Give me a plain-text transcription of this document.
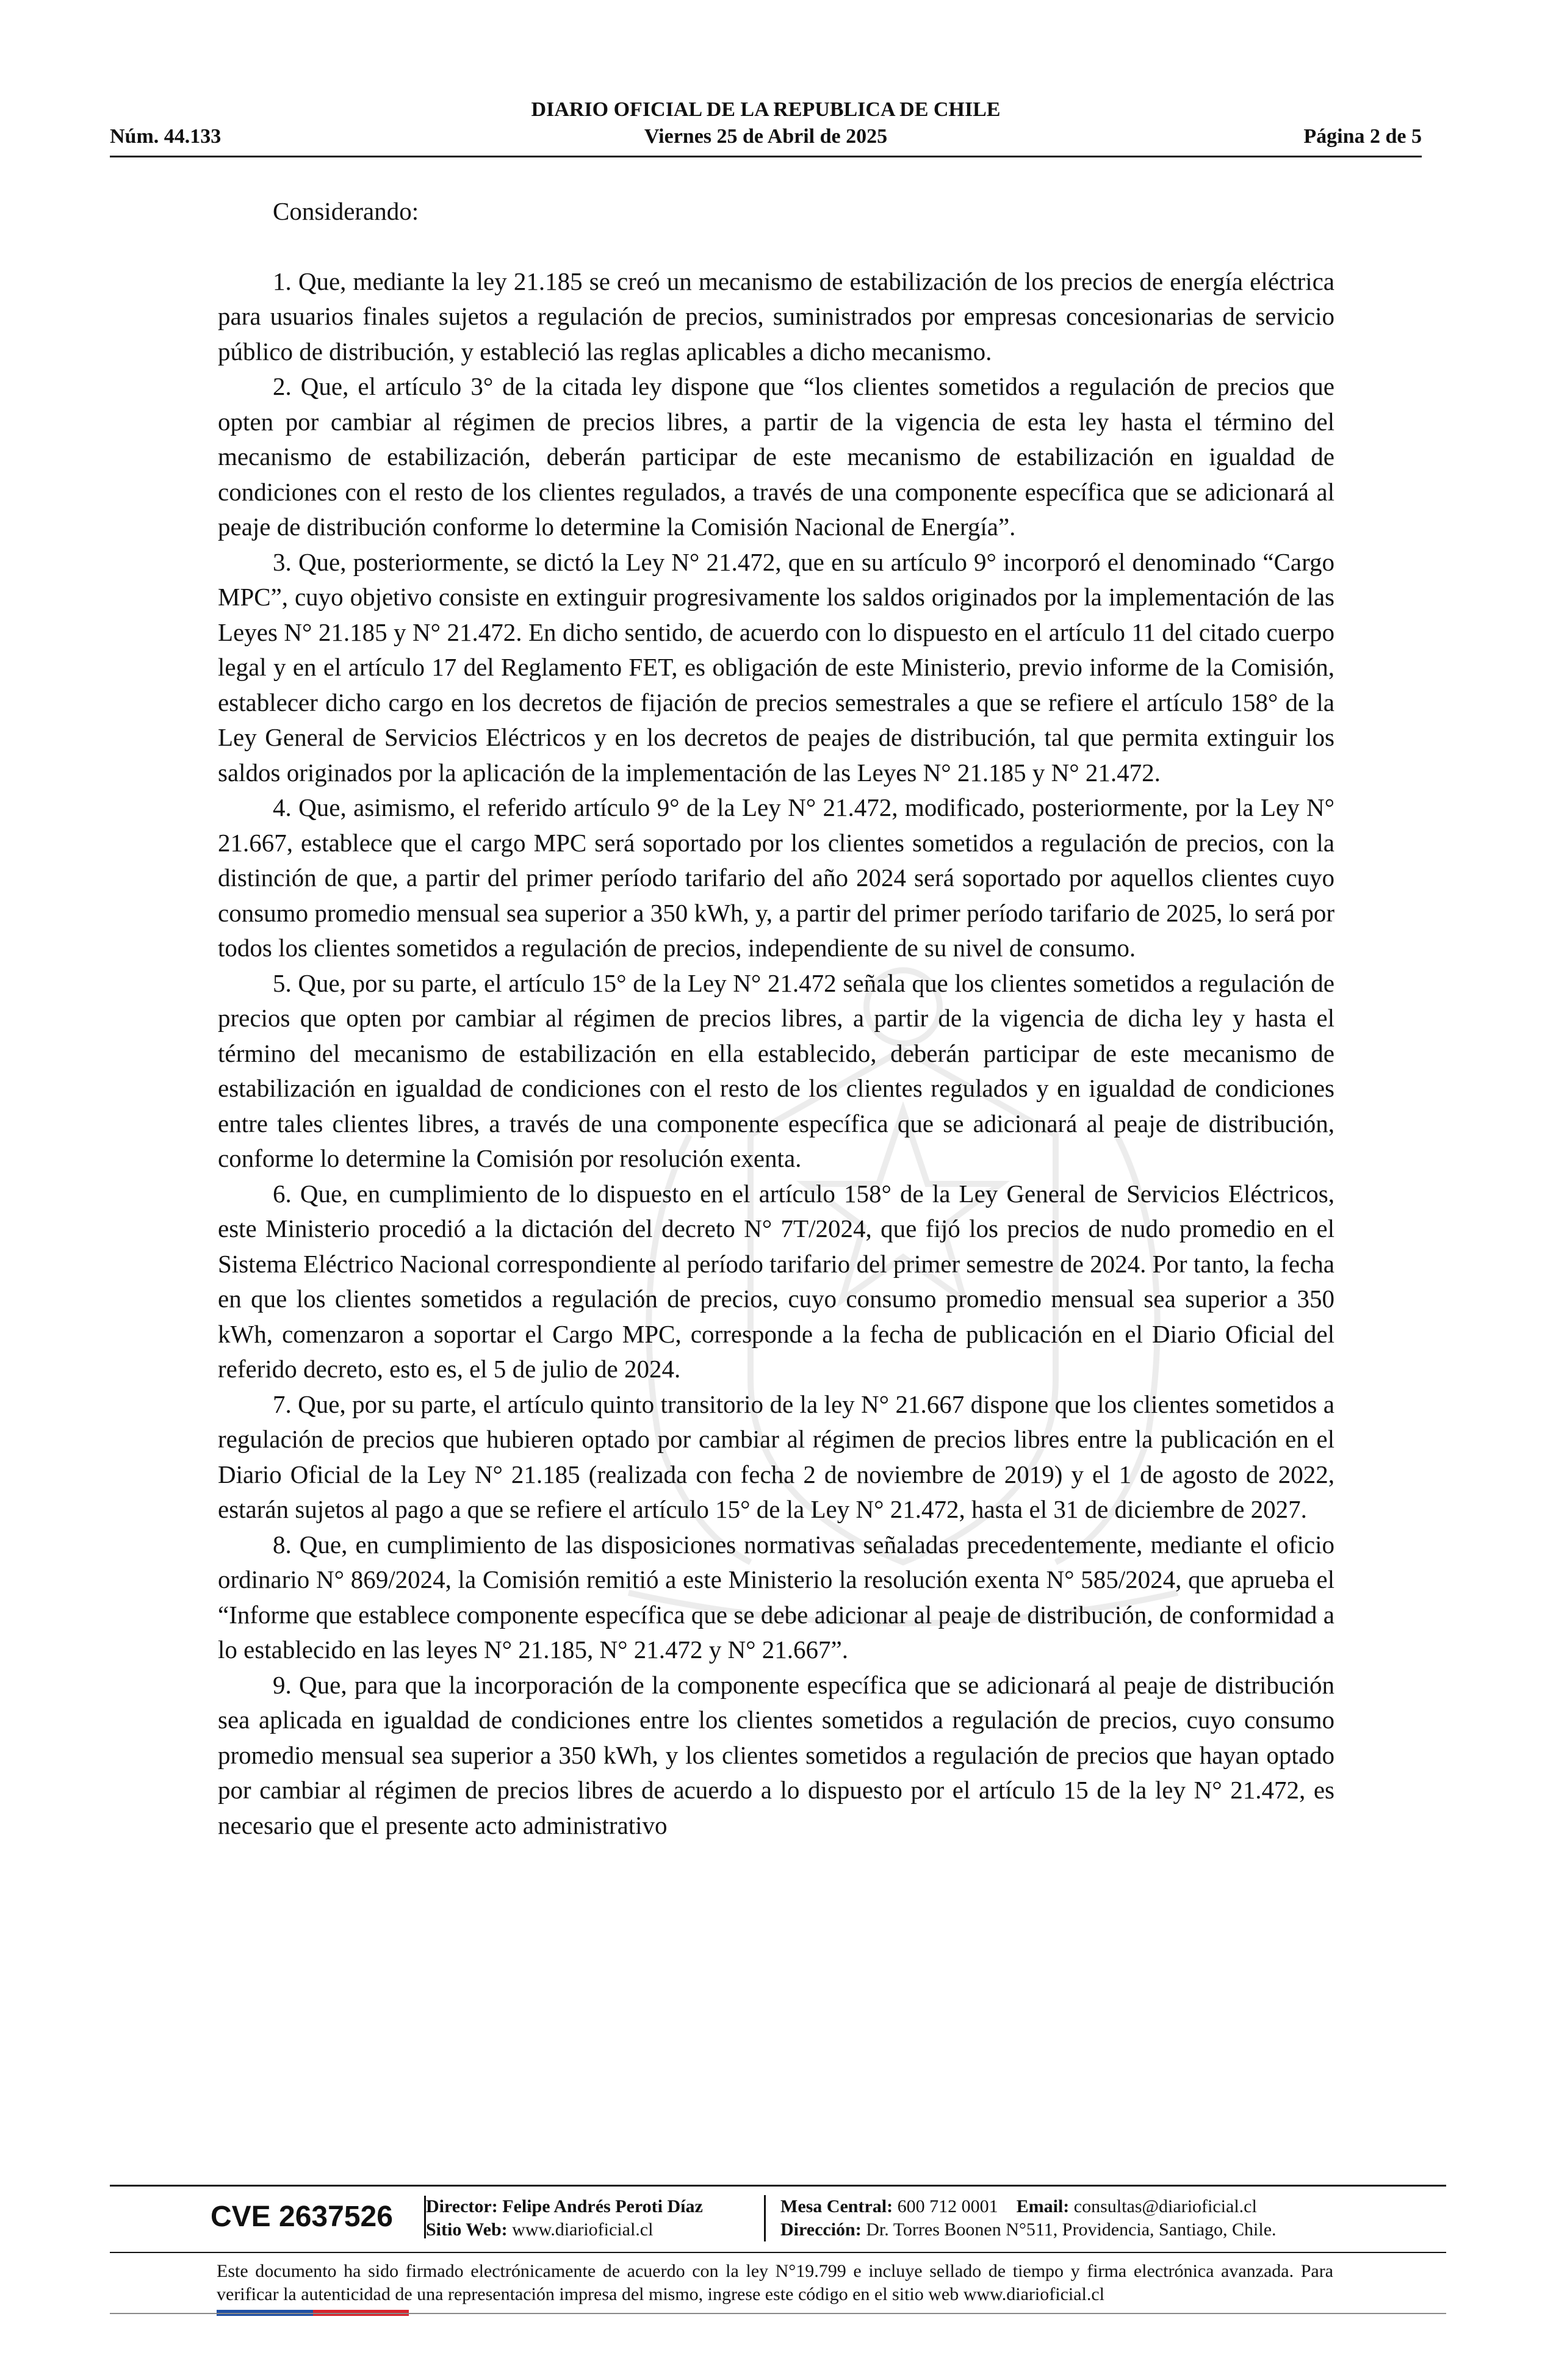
DIARIO OFICIAL DE LA REPUBLICA DE CHILE
Núm. 44.133	Viernes 25 de Abril de 2025	Página 2 de 5

Considerando:

1. Que, mediante la ley 21.185 se creó un mecanismo de estabilización de los precios de energía eléctrica para usuarios finales sujetos a regulación de precios, suministrados por empresas concesionarias de servicio público de distribución, y estableció las reglas aplicables a dicho mecanismo.

2. Que, el artículo 3° de la citada ley dispone que “los clientes sometidos a regulación de precios que opten por cambiar al régimen de precios libres, a partir de la vigencia de esta ley hasta el término del mecanismo de estabilización, deberán participar de este mecanismo de estabilización en igualdad de condiciones con el resto de los clientes regulados, a través de una componente específica que se adicionará al peaje de distribución conforme lo determine la Comisión Nacional de Energía”.

3. Que, posteriormente, se dictó la Ley N° 21.472, que en su artículo 9° incorporó el denominado “Cargo MPC”, cuyo objetivo consiste en extinguir progresivamente los saldos originados por la implementación de las Leyes N° 21.185 y N° 21.472. En dicho sentido, de acuerdo con lo dispuesto en el artículo 11 del citado cuerpo legal y en el artículo 17 del Reglamento FET, es obligación de este Ministerio, previo informe de la Comisión, establecer dicho cargo en los decretos de fijación de precios semestrales a que se refiere el artículo 158° de la Ley General de Servicios Eléctricos y en los decretos de peajes de distribución, tal que permita extinguir los saldos originados por la aplicación de la implementación de las Leyes N° 21.185 y N° 21.472.

4. Que, asimismo, el referido artículo 9° de la Ley N° 21.472, modificado, posteriormente, por la Ley N° 21.667, establece que el cargo MPC será soportado por los clientes sometidos a regulación de precios, con la distinción de que, a partir del primer período tarifario del año 2024 será soportado por aquellos clientes cuyo consumo promedio mensual sea superior a 350 kWh, y, a partir del primer período tarifario de 2025, lo será por todos los clientes sometidos a regulación de precios, independiente de su nivel de consumo.

5. Que, por su parte, el artículo 15° de la Ley N° 21.472 señala que los clientes sometidos a regulación de precios que opten por cambiar al régimen de precios libres, a partir de la vigencia de dicha ley y hasta el término del mecanismo de estabilización en ella establecido, deberán participar de este mecanismo de estabilización en igualdad de condiciones con el resto de los clientes regulados y en igualdad de condiciones entre tales clientes libres, a través de una componente específica que se adicionará al peaje de distribución, conforme lo determine la Comisión por resolución exenta.

6. Que, en cumplimiento de lo dispuesto en el artículo 158° de la Ley General de Servicios Eléctricos, este Ministerio procedió a la dictación del decreto N° 7T/2024, que fijó los precios de nudo promedio en el Sistema Eléctrico Nacional correspondiente al período tarifario del primer semestre de 2024. Por tanto, la fecha en que los clientes sometidos a regulación de precios, cuyo consumo promedio mensual sea superior a 350 kWh, comenzaron a soportar el Cargo MPC, corresponde a la fecha de publicación en el Diario Oficial del referido decreto, esto es, el 5 de julio de 2024.

7. Que, por su parte, el artículo quinto transitorio de la ley N° 21.667 dispone que los clientes sometidos a regulación de precios que hubieren optado por cambiar al régimen de precios libres entre la publicación en el Diario Oficial de la Ley N° 21.185 (realizada con fecha 2 de noviembre de 2019) y el 1 de agosto de 2022, estarán sujetos al pago a que se refiere el artículo 15° de la Ley N° 21.472, hasta el 31 de diciembre de 2027.

8. Que, en cumplimiento de las disposiciones normativas señaladas precedentemente, mediante el oficio ordinario N° 869/2024, la Comisión remitió a este Ministerio la resolución exenta N° 585/2024, que aprueba el “Informe que establece componente específica que se debe adicionar al peaje de distribución, de conformidad a lo establecido en las leyes N° 21.185, N° 21.472 y N° 21.667”.

9. Que, para que la incorporación de la componente específica que se adicionará al peaje de distribución sea aplicada en igualdad de condiciones entre los clientes sometidos a regulación de precios, cuyo consumo promedio mensual sea superior a 350 kWh, y los clientes sometidos a regulación de precios que hayan optado por cambiar al régimen de precios libres de acuerdo a lo dispuesto por el artículo 15 de la ley N° 21.472, es necesario que el presente acto administrativo

CVE 2637526	Director: Felipe Andrés Peroti Díaz
Sitio Web: www.diarioficial.cl
Mesa Central: 600 712 0001 Email: consultas@diarioficial.cl
Dirección: Dr. Torres Boonen N°511, Providencia, Santiago, Chile.
Este documento ha sido firmado electrónicamente de acuerdo con la ley N°19.799 e incluye sellado de tiempo y firma electrónica avanzada. Para verificar la autenticidad de una representación impresa del mismo, ingrese este código en el sitio web www.diarioficial.cl
